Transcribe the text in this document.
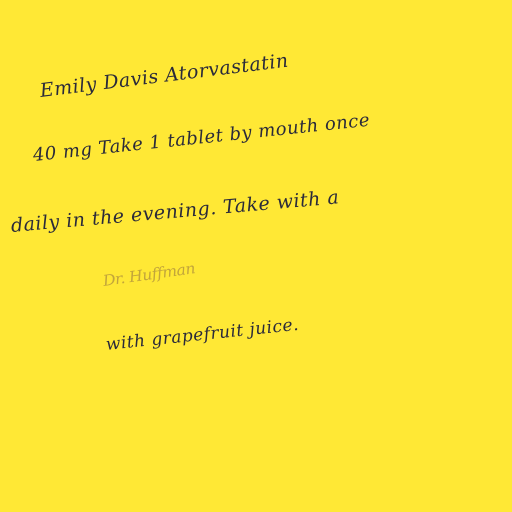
Emily Davis Atorvastatin
40 mg Take 1 tablet by mouth once
daily in the evening. Take with a
Dr. Huffman
with grapefruit juice.
